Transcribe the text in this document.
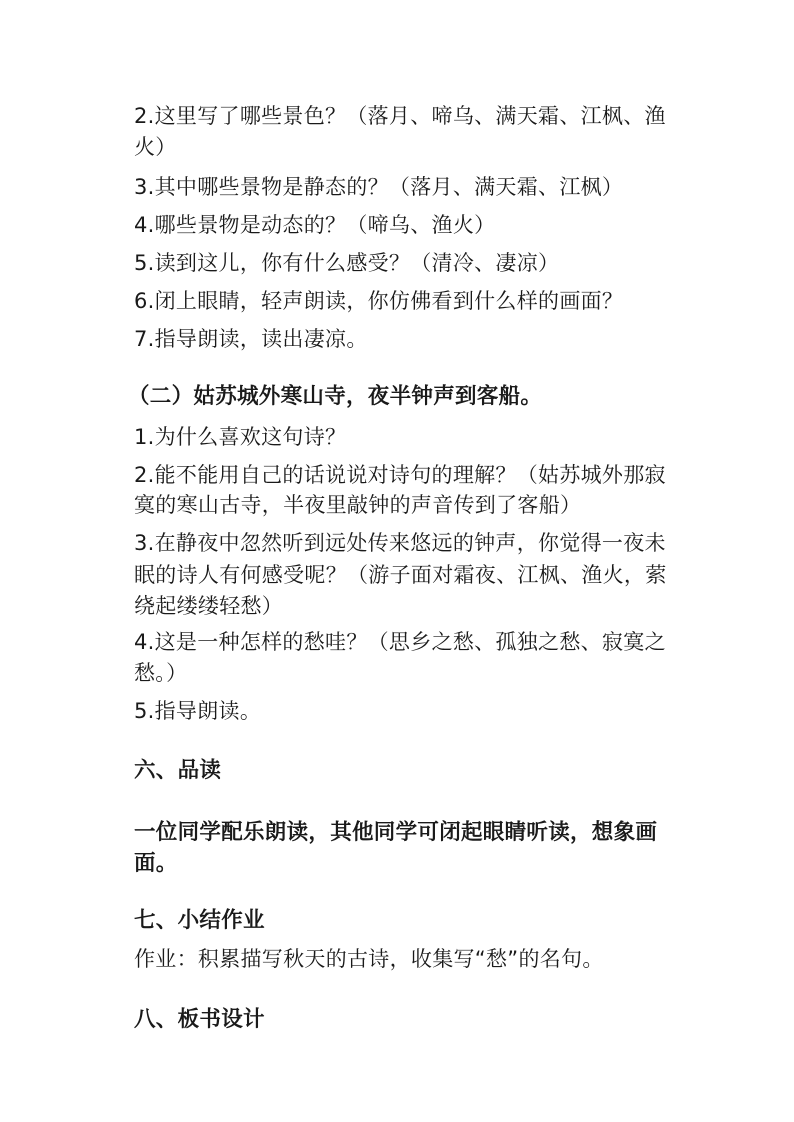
2.这里写了哪些景色？（落月、啼乌、满天霜、江枫、渔
火）
3.其中哪些景物是静态的？（落月、满天霜、江枫）
4.哪些景物是动态的？（啼乌、渔火）
5.读到这儿，你有什么感受？（清冷、凄凉）
6.闭上眼睛，轻声朗读，你仿佛看到什么样的画面？
7.指导朗读，读出凄凉。
（二）姑苏城外寒山寺，夜半钟声到客船。
1.为什么喜欢这句诗？
2.能不能用自己的话说说对诗句的理解？（姑苏城外那寂
寞的寒山古寺，半夜里敲钟的声音传到了客船）
3.在静夜中忽然听到远处传来悠远的钟声，你觉得一夜未
眠的诗人有何感受呢？（游子面对霜夜、江枫、渔火，萦
绕起缕缕轻愁）
4.这是一种怎样的愁哇？（思乡之愁、孤独之愁、寂寞之
愁。）
5.指导朗读。
六、品读
一位同学配乐朗读，其他同学可闭起眼睛听读，想象画
面。
七、小结作业
作业：积累描写秋天的古诗，收集写“愁”的名句。
八、板书设计
